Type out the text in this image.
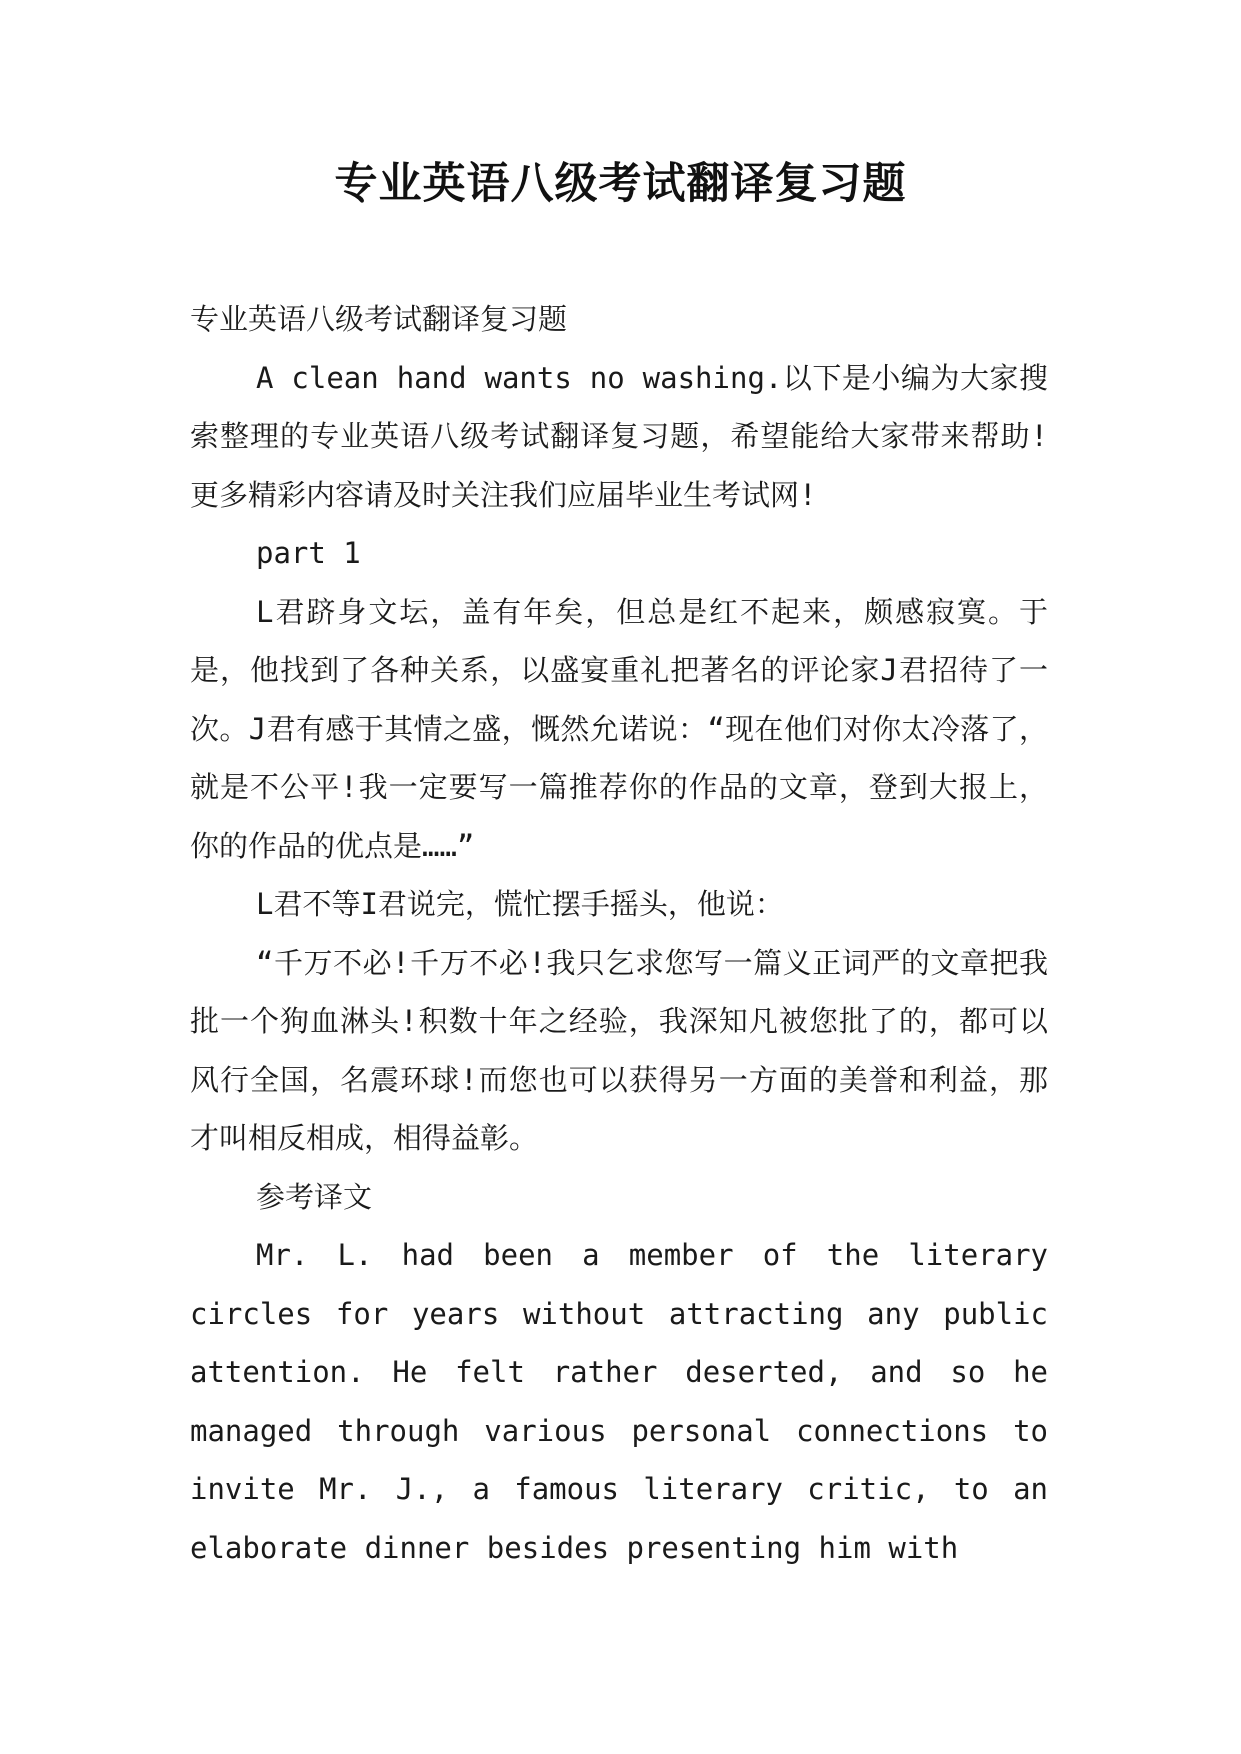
专业英语八级考试翻译复习题

专业英语八级考试翻译复习题

A clean hand wants no washing.以下是小编为大家搜索整理的专业英语八级考试翻译复习题，希望能给大家带来帮助!更多精彩内容请及时关注我们应届毕业生考试网!

part 1

L君跻身文坛，盖有年矣，但总是红不起来，颇感寂寞。于是，他找到了各种关系，以盛宴重礼把著名的评论家J君招待了一次。J君有感于其情之盛，慨然允诺说：“现在他们对你太冷落了，就是不公平!我一定要写一篇推荐你的作品的文章，登到大报上，你的作品的优点是……”

L君不等I君说完，慌忙摆手摇头，他说：

“千万不必!千万不必!我只乞求您写一篇义正词严的文章把我批一个狗血淋头!积数十年之经验，我深知凡被您批了的，都可以风行全国，名震环球!而您也可以获得另一方面的美誉和利益，那才叫相反相成，相得益彰。

参考译文

Mr. L. had been a member of the literary circles for years without attracting any public attention. He felt rather deserted, and so he managed through various personal connections to invite Mr. J., a famous literary critic, to an elaborate dinner besides presenting him with
